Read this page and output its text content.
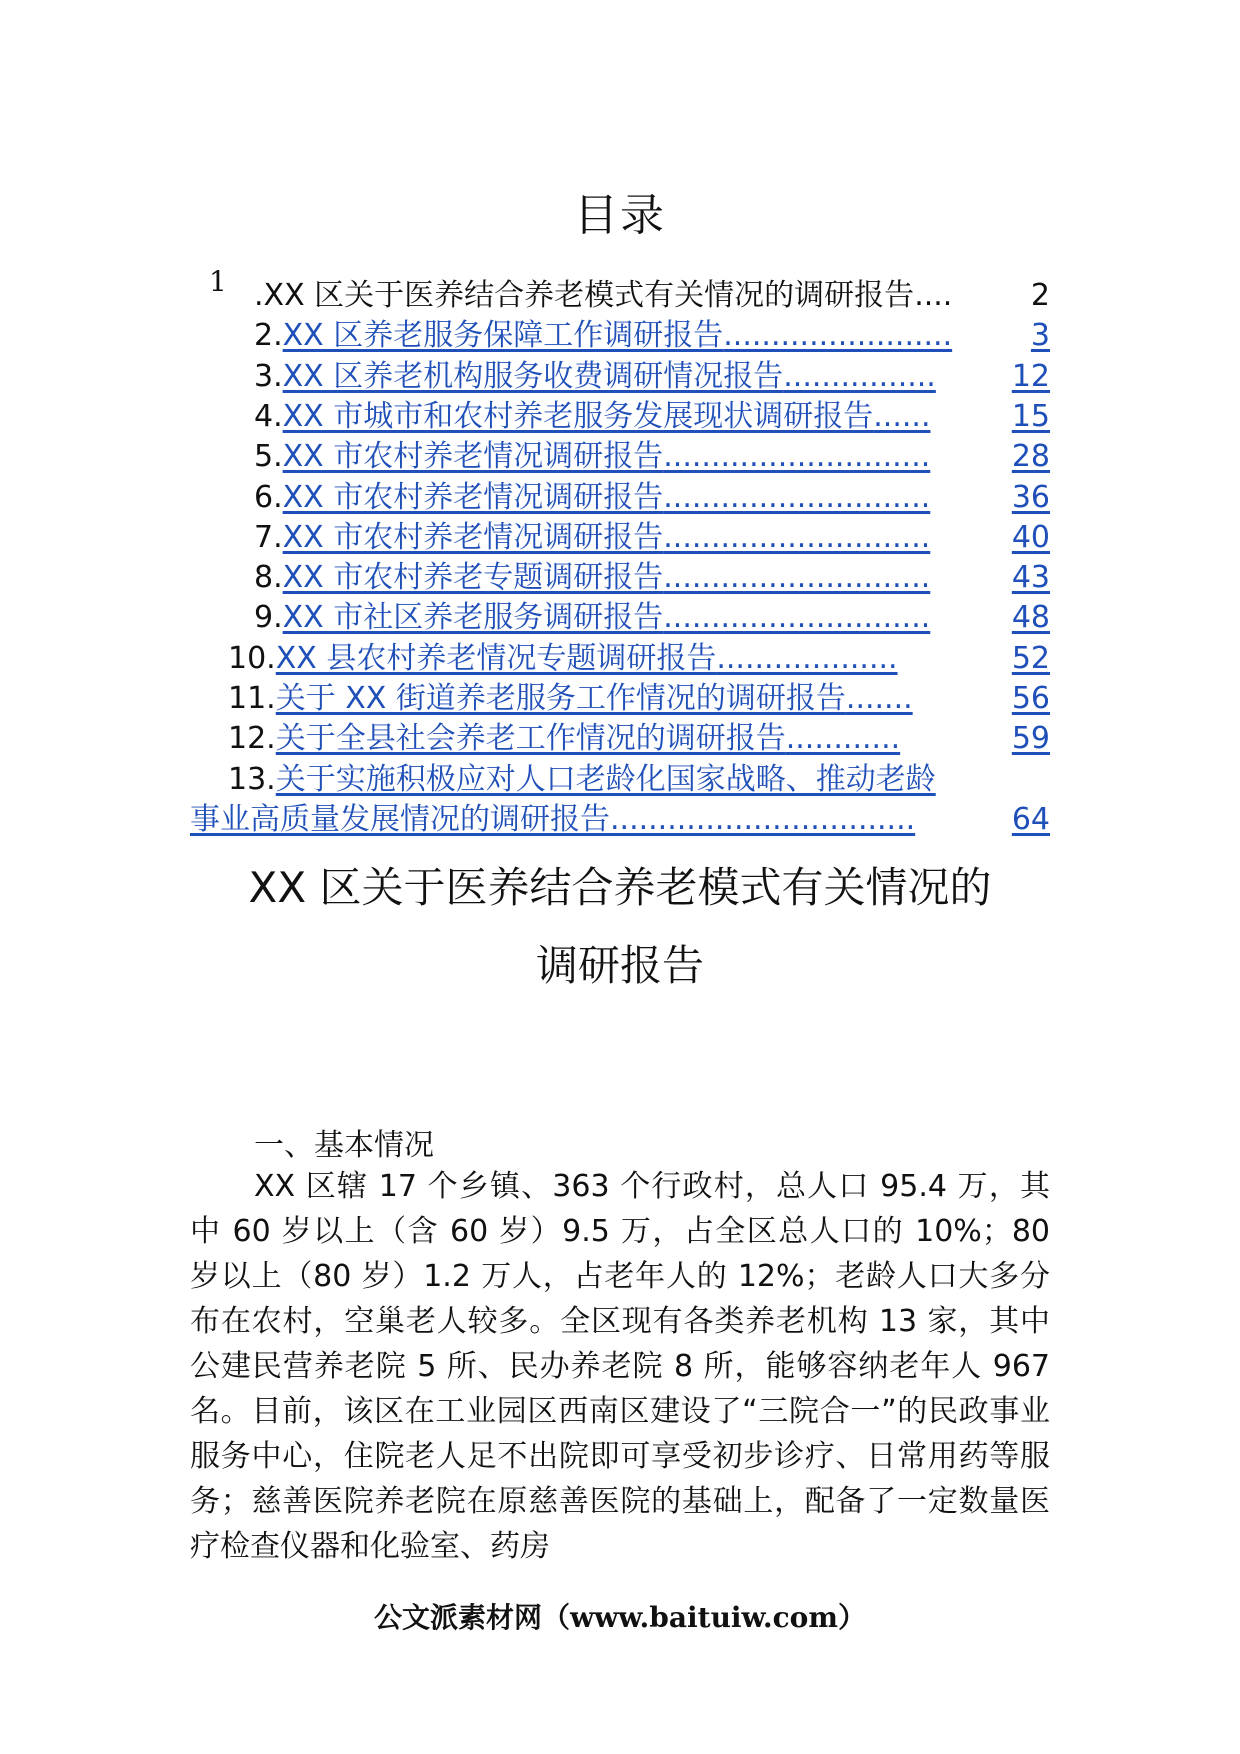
目录
1 .XX 区关于医养结合养老模式有关情况的调研报告....	2
2.XX 区养老服务保障工作调研报告........................	3
3.XX 区养老机构服务收费调研情况报告................	12
4.XX 市城市和农村养老服务发展现状调研报告......	15
5.XX 市农村养老情况调研报告............................	28
6.XX 市农村养老情况调研报告............................	36
7.XX 市农村养老情况调研报告............................	40
8.XX 市农村养老专题调研报告............................	43
9.XX 市社区养老服务调研报告............................	48
10.XX 县农村养老情况专题调研报告...................	52
11.关于 XX 街道养老服务工作情况的调研报告.......	56
12.关于全县社会养老工作情况的调研报告............	59
13.关于实施积极应对人口老龄化国家战略、推动老龄
事业高质量发展情况的调研报告................................	64
XX 区关于医养结合养老模式有关情况的
调研报告
一、基本情况
XX 区辖 17 个乡镇、363 个行政村，总人口 95.4 万，其中 60 岁以上（含 60 岁）9.5 万，占全区总人口的 10%；80 岁以上（80 岁）1.2 万人，占老年人的 12%；老龄人口大多分布在农村，空巢老人较多。全区现有各类养老机构 13 家，其中公建民营养老院 5 所、民办养老院 8 所，能够容纳老年人 967 名。目前，该区在工业园区西南区建设了“三院合一”的民政事业服务中心，住院老人足不出院即可享受初步诊疗、日常用药等服务；慈善医院养老院在原慈善医院的基础上，配备了一定数量医疗检查仪器和化验室、药房
公文派素材网（www.baituiw.com）
